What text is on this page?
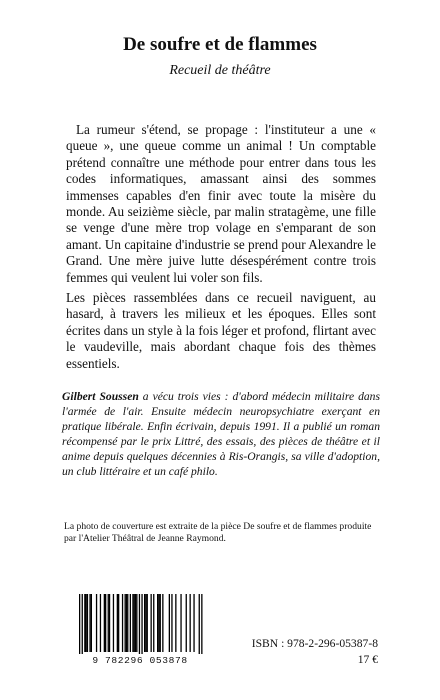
De soufre et de flammes
Recueil de théâtre

La rumeur s'étend, se propage : l'instituteur a une « queue », une queue comme un animal ! Un comptable prétend connaître une méthode pour entrer dans tous les codes informatiques, amassant ainsi des sommes immenses capables d'en finir avec toute la misère du monde. Au seizième siècle, par malin stratagème, une fille se venge d'une mère trop volage en s'emparant de son amant. Un capitaine d'industrie se prend pour Alexandre le Grand. Une mère juive lutte désespérément contre trois femmes qui veulent lui voler son fils.

Les pièces rassemblées dans ce recueil naviguent, au hasard, à travers les milieux et les époques. Elles sont écrites dans un style à la fois léger et profond, flirtant avec le vaudeville, mais abordant chaque fois des thèmes essentiels.

Gilbert Soussen a vécu trois vies : d'abord médecin militaire dans l'armée de l'air. Ensuite médecin neuropsychiatre exerçant en pratique libérale. Enfin écrivain, depuis 1991. Il a publié un roman récompensé par le prix Littré, des essais, des pièces de théâtre et il anime depuis quelques décennies à Ris-Orangis, sa ville d'adoption, un club littéraire et un café philo.

La photo de couverture est extraite de la pièce De soufre et de flammes produite par l'Atelier Théâtral de Jeanne Raymond.

9 782296 053878

ISBN : 978-2-296-05387-8

17 €
